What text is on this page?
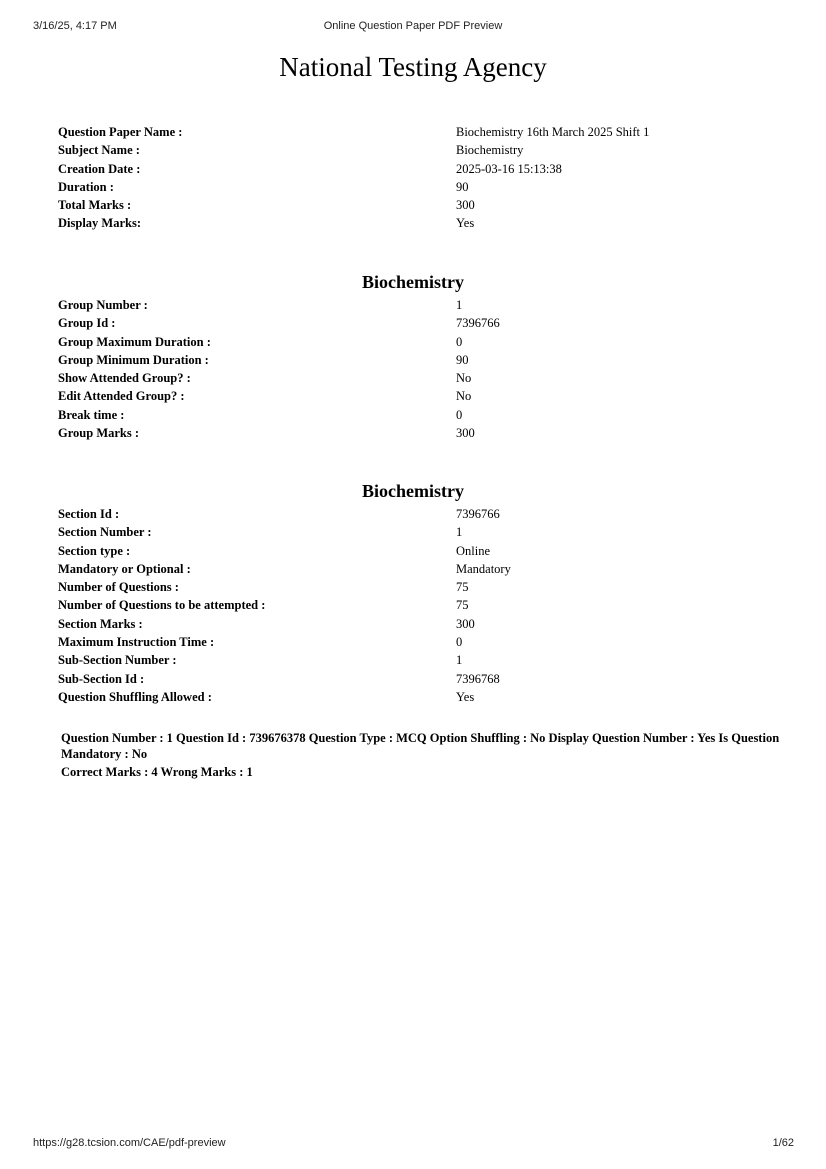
3/16/25, 4:17 PM	Online Question Paper PDF Preview
National Testing Agency
Question Paper Name :	Biochemistry 16th March 2025 Shift 1
Subject Name :	Biochemistry
Creation Date :	2025-03-16 15:13:38
Duration :	90
Total Marks :	300
Display Marks:	Yes
Biochemistry
Group Number :	1
Group Id :	7396766
Group Maximum Duration :	0
Group Minimum Duration :	90
Show Attended Group? :	No
Edit Attended Group? :	No
Break time :	0
Group Marks :	300
Biochemistry
Section Id :	7396766
Section Number :	1
Section type :	Online
Mandatory or Optional :	Mandatory
Number of Questions :	75
Number of Questions to be attempted :	75
Section Marks :	300
Maximum Instruction Time :	0
Sub-Section Number :	1
Sub-Section Id :	7396768
Question Shuffling Allowed :	Yes

Question Number : 1 Question Id : 739676378 Question Type : MCQ Option Shuffling : No Display Question Number : Yes Is Question Mandatory : No

Correct Marks : 4 Wrong Marks : 1

https://g28.tcsion.com/CAE/pdf-preview	1/62
